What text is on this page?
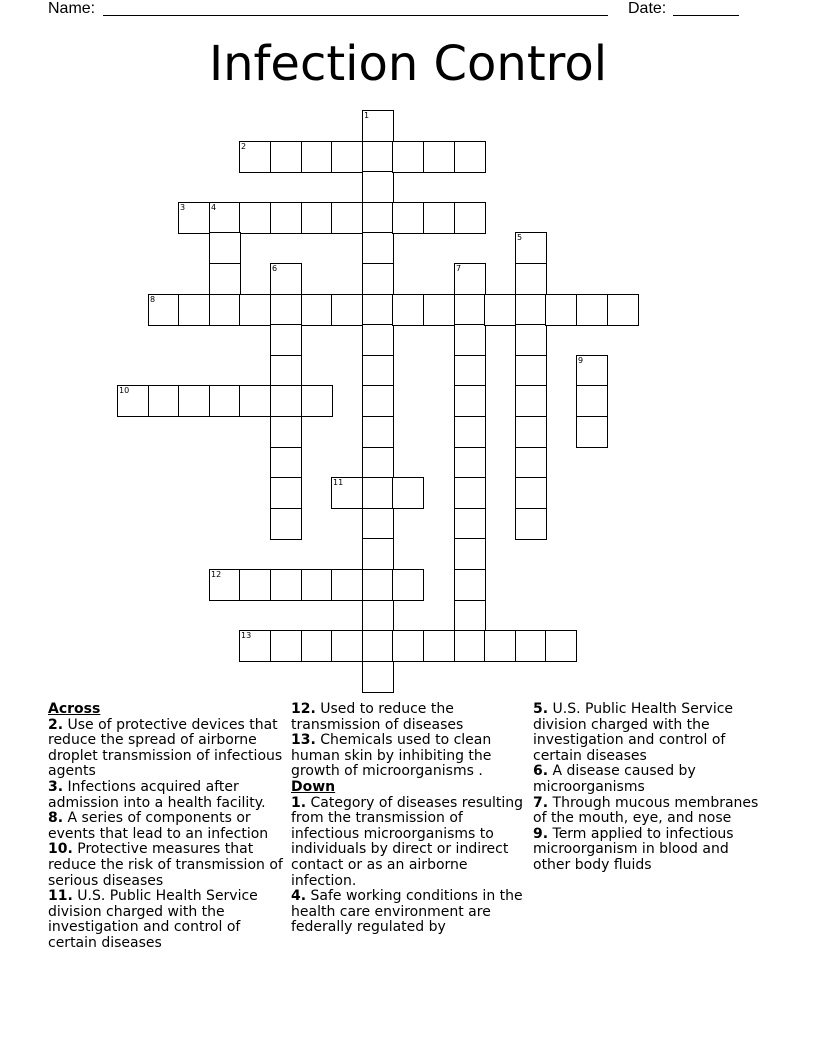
Name:	Date:
Infection Control
1
2
3	4
5
6	7
8
9
10
11
12
13
Across

2. Use of protective devices that reduce the spread of airborne droplet transmission of infectious agents

3. Infections acquired after admission into a health facility.

8. A series of components or events that lead to an infection

10. Protective measures that reduce the risk of transmission of serious diseases

11. U.S. Public Health Service division charged with the investigation and control of certain diseases

12. Used to reduce the transmission of diseases

13. Chemicals used to clean human skin by inhibiting the growth of microorganisms .

Down

1. Category of diseases resulting from the transmission of infectious microorganisms to individuals by direct or indirect contact or as an airborne infection.

4. Safe working conditions in the health care environment are federally regulated by

5. U.S. Public Health Service division charged with the investigation and control of certain diseases

6. A disease caused by microorganisms

7. Through mucous membranes of the mouth, eye, and nose

9. Term applied to infectious microorganism in blood and other body fluids
